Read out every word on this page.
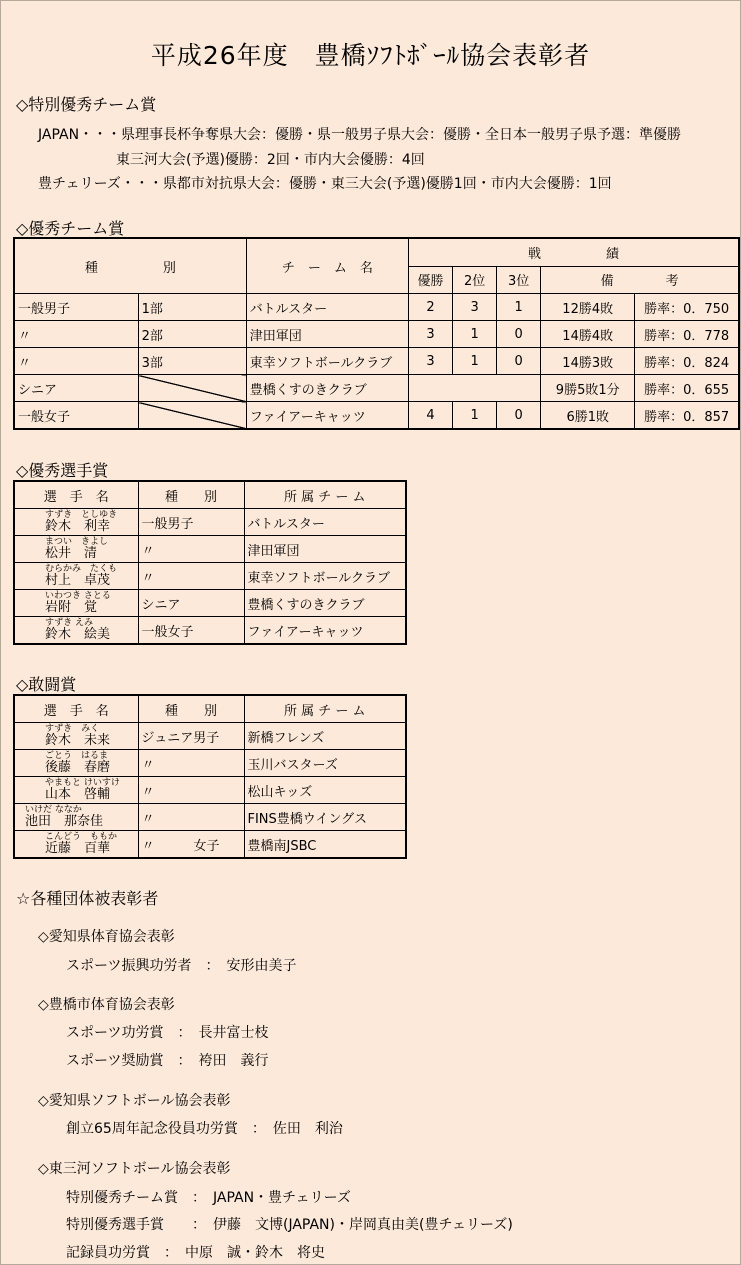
平成26年度　豊橋ｿﾌﾄﾎﾞｰﾙ協会表彰者
◇特別優秀チーム賞
JAPAN・・・県理事長杯争奪県大会：優勝・県一般男子県大会：優勝・全日本一般男子県予選：準優勝
東三河大会(予選)優勝：2回・市内大会優勝：4回
豊チェリーズ・・・県都市対抗県大会：優勝・東三大会(予選)優勝1回・市内大会優勝：1回
◇優秀チーム賞
種　　　　　別		チ　ー　ム　名	戦　　　　　績				
			優勝	2位	3位	備　　　　考	
一般男子	1部	バトルスター	2	3	1	12勝4敗	勝率：0．750
〃	2部	津田軍団	3	1	0	14勝4敗	勝率：0．778
〃	3部	東幸ソフトボールクラブ	3	1	0	14勝3敗	勝率：0．824
シニア		豊橋くすのきクラブ				9勝5敗1分	勝率：0．655
一般女子		ファイアーキャッツ	4	1	0	6勝1敗	勝率：0．857
◇優秀選手賞
選　手　名	種　　別	所 属 チ ー ム

すずき　としゆき
鈴木　利幸	一般男子	バトルスター

まつい　きよし
松井　清	〃	津田軍団

むらかみ　たくも
村上　卓茂	〃	東幸ソフトボールクラブ

いわつき さとる
岩附　覚	シニア	豊橋くすのきクラブ

すずき えみ
鈴木　絵美	一般女子	ファイアーキャッツ
◇敢闘賞
選　手　名	種　　別	所 属 チ ー ム

すずき　みく
鈴木　未来	ジュニア男子	新橋フレンズ

ごとう　はるま
後藤　春磨	〃	玉川バスターズ

やまもと けいすけ
山本　啓輔	〃	松山キッズ

いけだ ななか
池田　那奈佳	〃	FINS豊橋ウイングス

こんどう　ももか
近藤　百華	〃　　　女子	豊橋南JSBC
☆各種団体被表彰者
◇愛知県体育協会表彰
スポーツ振興功労者　：　安形由美子
◇豊橋市体育協会表彰
スポーツ功労賞　：　長井富士枝
スポーツ奨励賞　：　袴田　義行
◇愛知県ソフトボール協会表彰
創立65周年記念役員功労賞　：　佐田　利治
◇東三河ソフトボール協会表彰
特別優秀チーム賞　：　JAPAN・豊チェリーズ
特別優秀選手賞　　：　伊藤　文博(JAPAN)・岸岡真由美(豊チェリーズ)
記録員功労賞　：　中原　誠・鈴木　将史
